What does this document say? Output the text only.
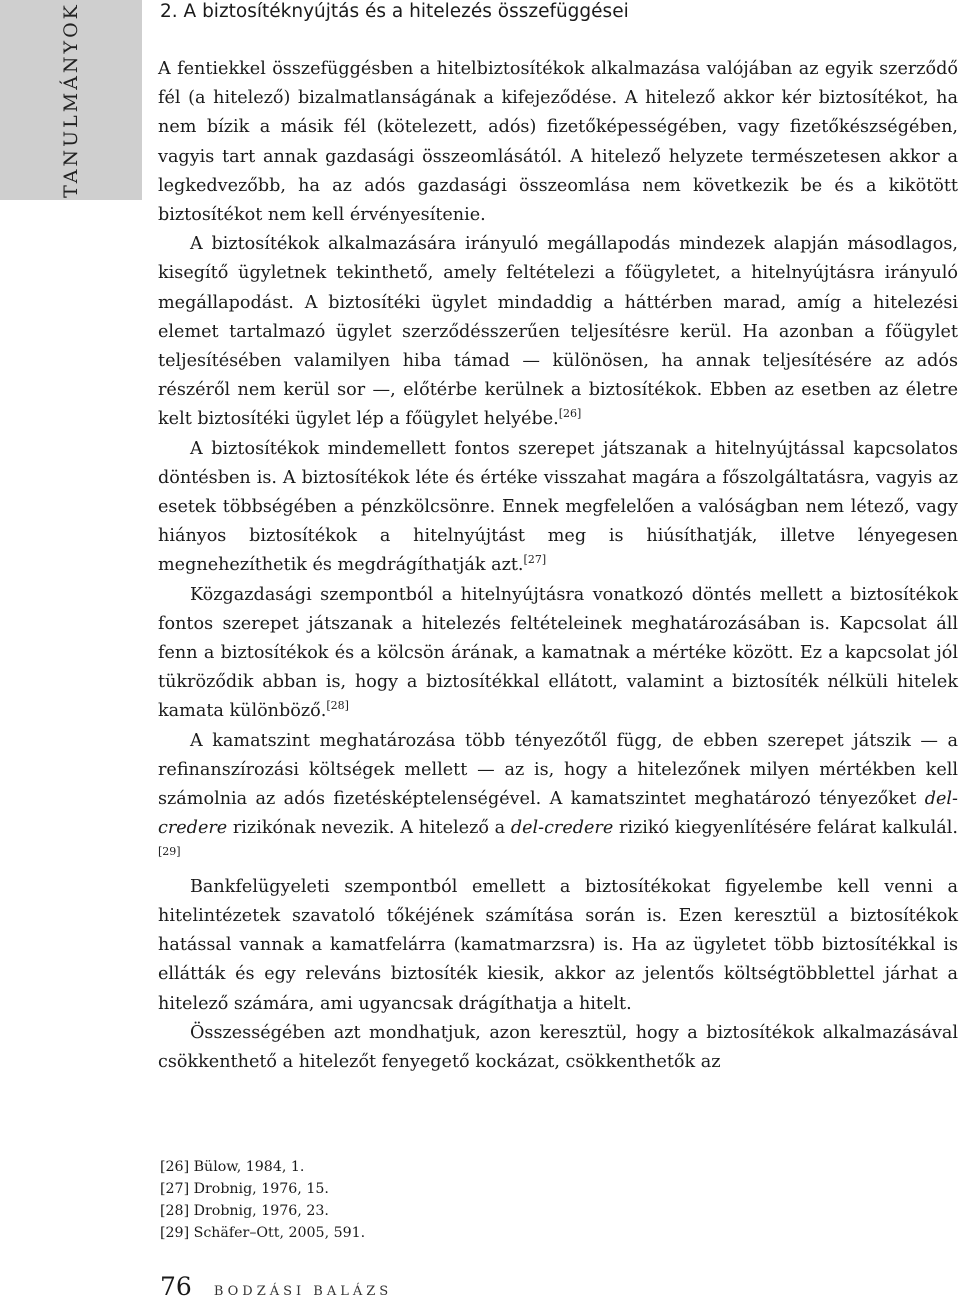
TANULMÁNYOK	2. A biztosítéknyújtás és a hitelezés összefüggései

A fentiekkel összefüggésben a hitelbiztosítékok alkalmazása valójában az egyik szerződő fél (a hitelező) bizalmatlanságának a kifejeződése. A hitelező akkor kér biztosítékot, ha nem bízik a másik fél (kötelezett, adós) fizetőképességében, vagy fizetőkészségében, vagyis tart annak gazdasági összeomlásától. A hitelező helyzete természetesen akkor a legkedvezőbb, ha az adós gazdasági összeomlása nem következik be és a kikötött biztosítékot nem kell érvényesítenie.

A biztosítékok alkalmazására irányuló megállapodás mindezek alapján másodlagos, kisegítő ügyletnek tekinthető, amely feltételezi a főügyletet, a hitelnyújtásra irányuló megállapodást. A biztosítéki ügylet mindaddig a háttérben marad, amíg a hitelezési elemet tartalmazó ügylet szerződésszerűen teljesítésre kerül. Ha azonban a főügylet teljesítésében valamilyen hiba támad — különösen, ha annak teljesítésére az adós részéről nem kerül sor —, előtérbe kerülnek a biztosítékok. Ebben az esetben az életre kelt biztosítéki ügylet lép a főügylet helyébe.[26]

A biztosítékok mindemellett fontos szerepet játszanak a hitelnyújtással kapcsolatos döntésben is. A biztosítékok léte és értéke visszahat magára a főszolgáltatásra, vagyis az esetek többségében a pénzkölcsönre. Ennek megfelelően a valóságban nem létező, vagy hiányos biztosítékok a hitelnyújtást meg is hiúsíthatják, illetve lényegesen megnehezíthetik és megdrágíthatják azt.[27]

Közgazdasági szempontból a hitelnyújtásra vonatkozó döntés mellett a biztosítékok fontos szerepet játszanak a hitelezés feltételeinek meghatározásában is. Kapcsolat áll fenn a biztosítékok és a kölcsön árának, a kamatnak a mértéke között. Ez a kapcsolat jól tükröződik abban is, hogy a biztosítékkal ellátott, valamint a biztosíték nélküli hitelek kamata különböző.[28]

A kamatszint meghatározása több tényezőtől függ, de ebben szerepet játszik — a refinanszírozási költségek mellett — az is, hogy a hitelezőnek milyen mértékben kell számolnia az adós fizetésképtelenségével. A kamatszintet meghatározó tényezőket del-credere rizikónak nevezik. A hitelező a del-credere rizikó kiegyenlítésére felárat kalkulál.[29]

Bankfelügyeleti szempontból emellett a biztosítékokat figyelembe kell venni a hitelintézetek szavatoló tőkéjének számítása során is. Ezen keresztül a biztosítékok hatással vannak a kamatfelárra (kamatmarzsra) is. Ha az ügyletet több biztosítékkal is ellátták és egy releváns biztosíték kiesik, akkor az jelentős költségtöbblettel járhat a hitelező számára, ami ugyancsak drágíthatja a hitelt.

Összességében azt mondhatjuk, azon keresztül, hogy a biztosítékok alkalmazásával csökkenthető a hitelezőt fenyegető kockázat, csökkenthetők az

[26] Bülow, 1984, 1.
[27] Drobnig, 1976, 15.
[28] Drobnig, 1976, 23.
[29] Schäfer–Ott, 2005, 591.
76 BODZÁSI BALÁZS
